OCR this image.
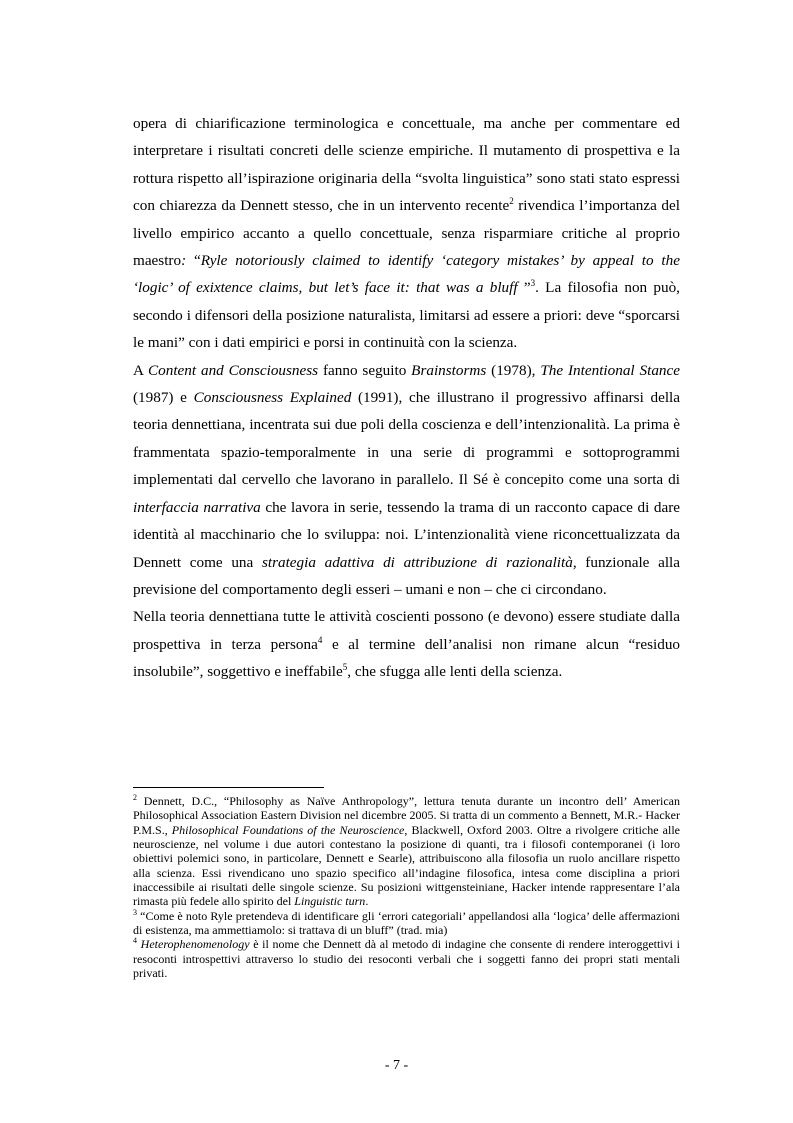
opera di chiarificazione terminologica e concettuale, ma anche per commentare ed interpretare i risultati concreti delle scienze empiriche. Il mutamento di prospettiva e la rottura rispetto all’ispirazione originaria della “svolta linguistica” sono stati stato espressi con chiarezza da Dennett stesso, che in un intervento recente$^2$ rivendica l’importanza del livello empirico accanto a quello concettuale, senza risparmiare critiche al proprio maestro: “Ryle notoriously claimed to identify ‘category mistakes’ by appeal to the ‘logic’ of exixtence claims, but let’s face it: that was a bluff ”$^3$. La filosofia non può, secondo i difensori della posizione naturalista, limitarsi ad essere a priori: deve “sporcarsi le mani” con i dati empirici e porsi in continuità con la scienza.

A Content and Consciousness fanno seguito Brainstorms (1978), The Intentional Stance (1987) e Consciousness Explained (1991), che illustrano il progressivo affinarsi della teoria dennettiana, incentrata sui due poli della coscienza e dell’intenzionalità. La prima è frammentata spazio-temporalmente in una serie di programmi e sottoprogrammi implementati dal cervello che lavorano in parallelo. Il Sé è concepito come una sorta di interfaccia narrativa che lavora in serie, tessendo la trama di un racconto capace di dare identità al macchinario che lo sviluppa: noi. L’intenzionalità viene riconcettualizzata da Dennett come una strategia adattiva di attribuzione di razionalità, funzionale alla previsione del comportamento degli esseri – umani e non – che ci circondano.

Nella teoria dennettiana tutte le attività coscienti possono (e devono) essere studiate dalla prospettiva in terza persona$^4$ e al termine dell’analisi non rimane alcun “residuo insolubile”, soggettivo e ineffabile$^5$, che sfugga alle lenti della scienza.

$^2$ Dennett, D.C., “Philosophy as Naïve Anthropology”, lettura tenuta durante un incontro dell’ American Philosophical Association Eastern Division nel dicembre 2005. Si tratta di un commento a Bennett, M.R.- Hacker P.M.S., Philosophical Foundations of the Neuroscience, Blackwell, Oxford 2003. Oltre a rivolgere critiche alle neuroscienze, nel volume i due autori contestano la posizione di quanti, tra i filosofi contemporanei (i loro obiettivi polemici sono, in particolare, Dennett e Searle), attribuiscono alla filosofia un ruolo ancillare rispetto alla scienza. Essi rivendicano uno spazio specifico all’indagine filosofica, intesa come disciplina a priori inaccessibile ai risultati delle singole scienze. Su posizioni wittgensteiniane, Hacker intende rappresentare l’ala rimasta più fedele allo spirito del Linguistic turn.

$^3$ “Come è noto Ryle pretendeva di identificare gli ‘errori categoriali’ appellandosi alla ‘logica’ delle affermazioni di esistenza, ma ammettiamolo: si trattava di un bluff” (trad. mia)

$^4$ Heterophenomenology è il nome che Dennett dà al metodo di indagine che consente di rendere interoggettivi i resoconti introspettivi attraverso lo studio dei resoconti verbali che i soggetti fanno dei propri stati mentali privati.

- 7 -
